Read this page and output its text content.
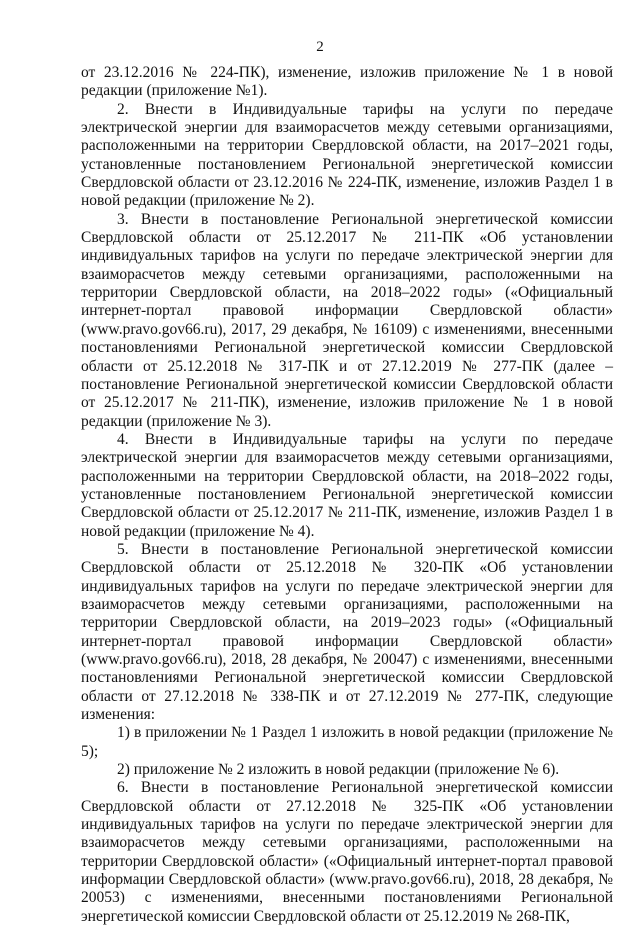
2

от 23.12.2016 № 224-ПК), изменение, изложив приложение № 1 в новой редакции (приложение №1).

2. Внести в Индивидуальные тарифы на услуги по передаче электрической энергии для взаиморасчетов между сетевыми организациями, расположенными на территории Свердловской области, на 2017–2021 годы, установленные постановлением Региональной энергетической комиссии Свердловской области от 23.12.2016 № 224-ПК, изменение, изложив Раздел 1 в новой редакции (приложение № 2).

3. Внести в постановление Региональной энергетической комиссии Свердловской области от 25.12.2017 № 211-ПК «Об установлении индивидуальных тарифов на услуги по передаче электрической энергии для взаиморасчетов между сетевыми организациями, расположенными на территории Свердловской области, на 2018–2022 годы» («Официальный интернет-портал правовой информации Свердловской области» (www.pravo.gov66.ru), 2017, 29 декабря, № 16109) с изменениями, внесенными постановлениями Региональной энергетической комиссии Свердловской области от 25.12.2018 № 317-ПК и от 27.12.2019 № 277-ПК (далее – постановление Региональной энергетической комиссии Свердловской области от 25.12.2017 № 211-ПК), изменение, изложив приложение № 1 в новой редакции (приложение № 3).

4. Внести в Индивидуальные тарифы на услуги по передаче электрической энергии для взаиморасчетов между сетевыми организациями, расположенными на территории Свердловской области, на 2018–2022 годы, установленные постановлением Региональной энергетической комиссии Свердловской области от 25.12.2017 № 211-ПК, изменение, изложив Раздел 1 в новой редакции (приложение № 4).

5. Внести в постановление Региональной энергетической комиссии Свердловской области от 25.12.2018 № 320-ПК «Об установлении индивидуальных тарифов на услуги по передаче электрической энергии для взаиморасчетов между сетевыми организациями, расположенными на территории Свердловской области, на 2019–2023 годы» («Официальный интернет-портал правовой информации Свердловской области» (www.pravo.gov66.ru), 2018, 28 декабря, № 20047) с изменениями, внесенными постановлениями Региональной энергетической комиссии Свердловской области от 27.12.2018 № 338-ПК и от 27.12.2019 № 277-ПК, следующие изменения:

1) в приложении № 1 Раздел 1 изложить в новой редакции (приложение № 5);

2) приложение № 2 изложить в новой редакции (приложение № 6).

6. Внести в постановление Региональной энергетической комиссии Свердловской области от 27.12.2018 № 325-ПК «Об установлении индивидуальных тарифов на услуги по передаче электрической энергии для взаиморасчетов между сетевыми организациями, расположенными на территории Свердловской области» («Официальный интернет-портал правовой информации Свердловской области» (www.pravo.gov66.ru), 2018, 28 декабря, № 20053) с изменениями, внесенными постановлениями Региональной энергетической комиссии Свердловской области от 25.12.2019 № 268-ПК,
